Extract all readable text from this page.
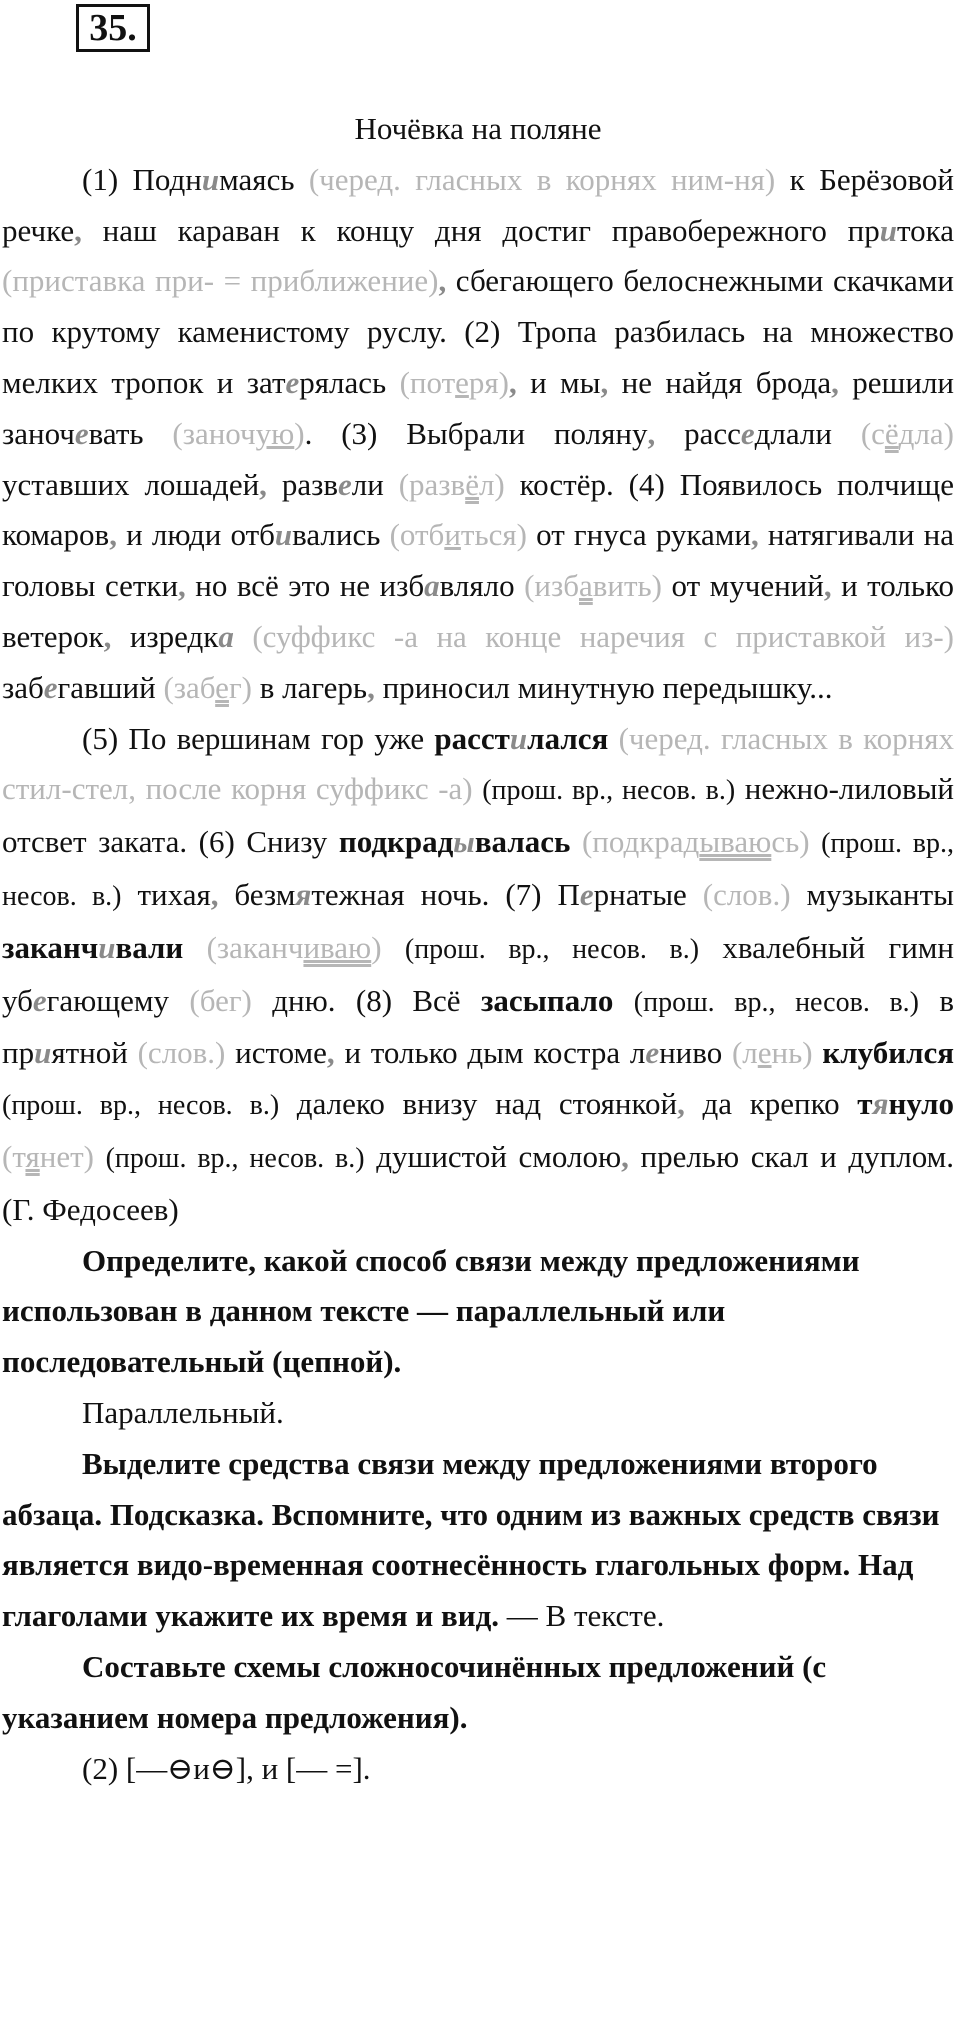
35.
Ночёвка на поляне

(1) Поднимаясь (черед. гласных в корнях ним-ня) к Берёзовой речке, наш караван к концу дня достиг правобережного притока (приставка при- = приближение), сбегающего белоснежными скачками по крутому каменистому руслу. (2) Тропа разбилась на множество мелких тропок и затерялась (потеря), и мы, не найдя брода, решили заночевать (заночую). (3) Выбрали поляну, расседлали (сёдла) уставших лошадей, развели (развёл) костёр. (4) Появилось полчище комаров, и люди отбивались (отбиться) от гнуса руками, натягивали на головы сетки, но всё это не избавляло (избавить) от мучений, и только ветерок, изредка (суффикс -а на конце наречия с приставкой из-) забегавший (забег) в лагерь, приносил минутную передышку...

(5) По вершинам гор уже расстилался (черед. гласных в корнях стил-стел, после корня суффикс -а) (прош. вр., несов. в.) нежно-лиловый отсвет заката. (6) Снизу подкрадывалась (подкрадываюсь) (прош. вр., несов. в.) тихая, безмятежная ночь. (7) Пернатые (слов.) музыканты заканчивали (заканчиваю) (прош. вр., несов. в.) хвалебный гимн убегающему (бег) дню. (8) Всё засыпало (прош. вр., несов. в.) в приятной (слов.) истоме, и только дым костра лениво (лень) клубился (прош. вр., несов. в.) далеко внизу над стоянкой, да крепко тянуло (тянет) (прош. вр., несов. в.) душистой смолою, прелью скал и дуплом. (Г. Федосеев)

Определите, какой способ связи между предложениями использован в данном тексте — параллельный или последовательный (цепной).

Параллельный.

Выделите средства связи между предложениями второго абзаца. Подсказка. Вспомните, что одним из важных средств связи является видо-временная соотнесённость глагольных форм. Над глаголами укажите их время и вид. — В тексте.

Составьте схемы сложносочинённых предложений (с указанием номера предложения).

(2) [—⊖и⊖], и [— =].
